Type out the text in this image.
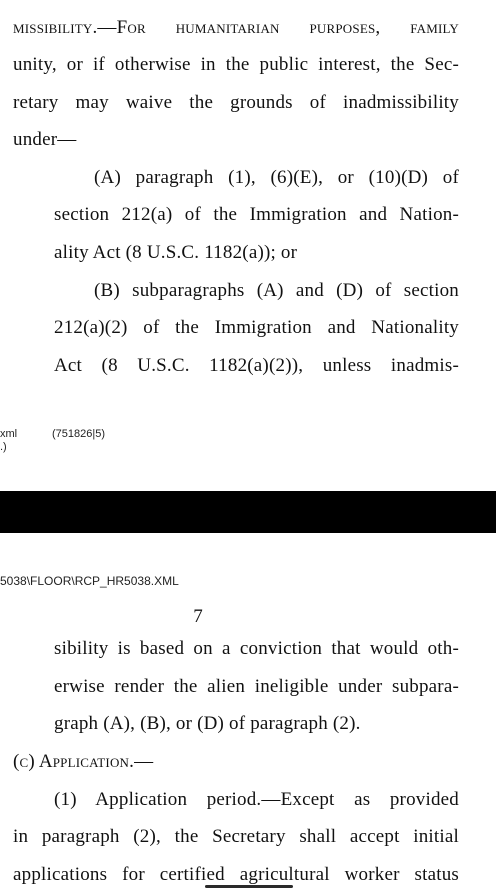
missibility.—For humanitarian purposes, family
unity, or if otherwise in the public interest, the Sec-
retary may waive the grounds of inadmissibility
under—
(A) paragraph (1), (6)(E), or (10)(D) of
section 212(a) of the Immigration and Nation-
ality Act (8 U.S.C. 1182(a)); or
(B) subparagraphs (A) and (D) of section
212(a)(2) of the Immigration and Nationality
Act (8 U.S.C. 1182(a)(2)), unless inadmis-
xml
.)
(751826|5)
5038\FLOOR\RCP_HR5038.XML
7
sibility is based on a conviction that would oth-
erwise render the alien ineligible under subpara-
graph (A), (B), or (D) of paragraph (2).
(c) Application.—
(1) Application period.—Except as provided
in paragraph (2), the Secretary shall accept initial
applications for certified agricultural worker status
